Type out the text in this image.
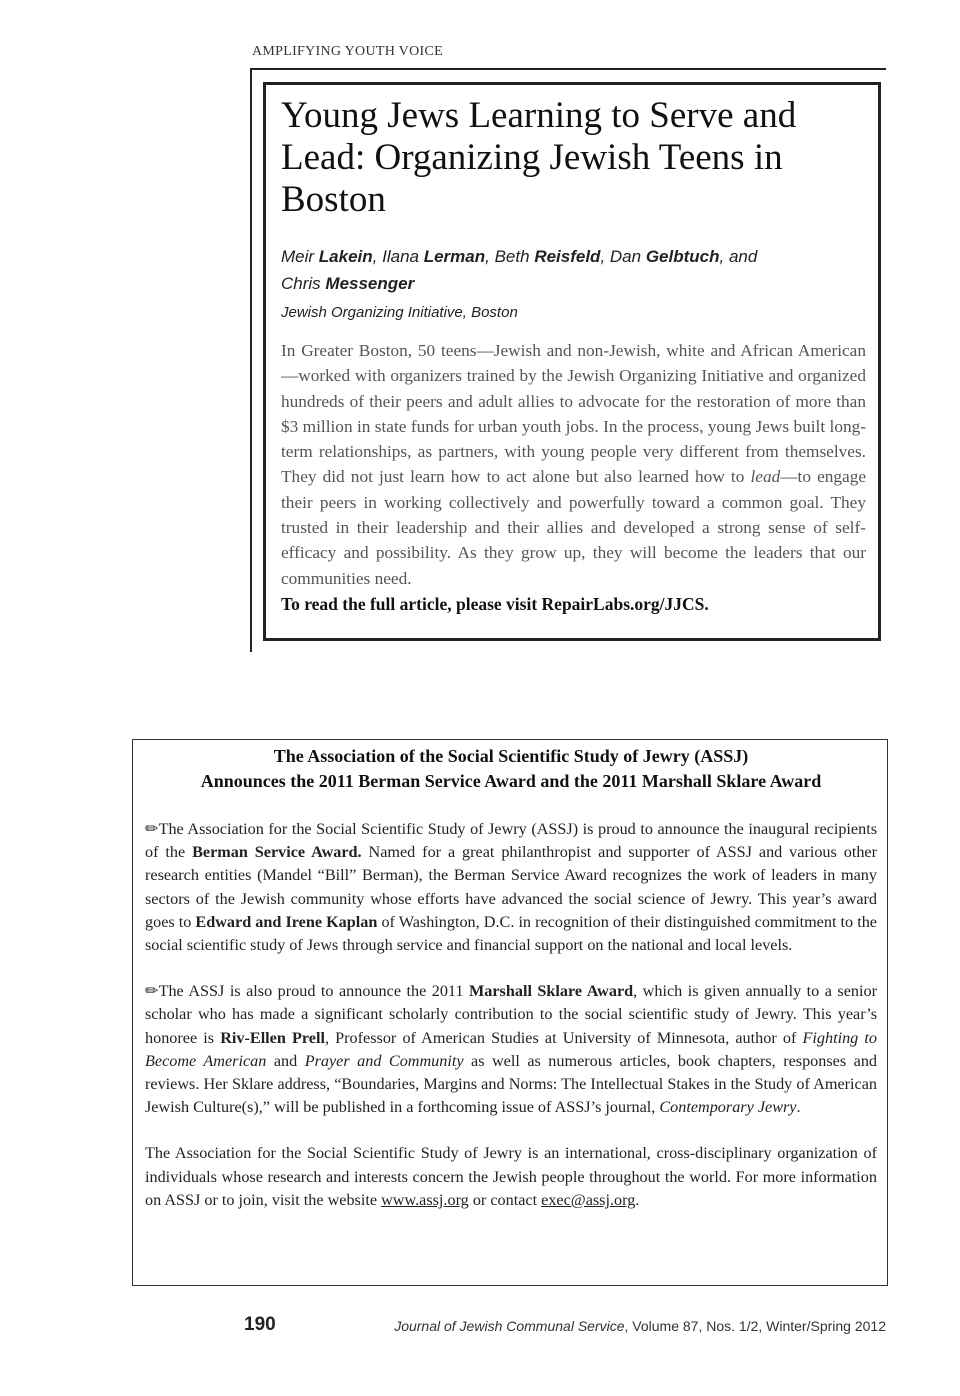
AMPLIFYING YOUTH VOICE
Young Jews Learning to Serve and Lead: Organizing Jewish Teens in Boston
Meir Lakein, Ilana Lerman, Beth Reisfeld, Dan Gelbtuch, and
Chris Messenger
Jewish Organizing Initiative, Boston
In Greater Boston, 50 teens—Jewish and non-Jewish, white and African American—worked with organizers trained by the Jewish Organizing Initiative and organized hundreds of their peers and adult allies to advocate for the restoration of more than $3 million in state funds for urban youth jobs. In the process, young Jews built long-term relationships, as partners, with young people very different from themselves. They did not just learn how to act alone but also learned how to lead—to engage their peers in working collectively and powerfully toward a common goal. They trusted in their leadership and their allies and developed a strong sense of self-efficacy and possibility. As they grow up, they will become the leaders that our communities need.
To read the full article, please visit RepairLabs.org/JJCS.
The Association of the Social Scientific Study of Jewry (ASSJ)
Announces the 2011 Berman Service Award and the 2011 Marshall Sklare Award

✏The Association for the Social Scientific Study of Jewry (ASSJ) is proud to announce the inaugural recipients of the Berman Service Award. Named for a great philanthropist and supporter of ASSJ and various other research entities (Mandel “Bill” Berman), the Berman Service Award recognizes the work of leaders in many sectors of the Jewish community whose efforts have advanced the social science of Jewry. This year’s award goes to Edward and Irene Kaplan of Washington, D.C. in recognition of their distinguished commitment to the social scientific study of Jews through service and financial support on the national and local levels.

✏The ASSJ is also proud to announce the 2011 Marshall Sklare Award, which is given annually to a senior scholar who has made a significant scholarly contribution to the social scientific study of Jewry. This year’s honoree is Riv-Ellen Prell, Professor of American Studies at University of Minnesota, author of Fighting to Become American and Prayer and Community as well as numerous articles, book chapters, responses and reviews. Her Sklare address, “Boundaries, Margins and Norms: The Intellectual Stakes in the Study of American Jewish Culture(s),” will be published in a forthcoming issue of ASSJ’s journal, Contemporary Jewry.

The Association for the Social Scientific Study of Jewry is an international, cross-disciplinary organization of individuals whose research and interests concern the Jewish people throughout the world. For more information on ASSJ or to join, visit the website www.assj.org or contact exec@assj.org.

190	Journal of Jewish Communal Service, Volume 87, Nos. 1/2, Winter/Spring 2012
